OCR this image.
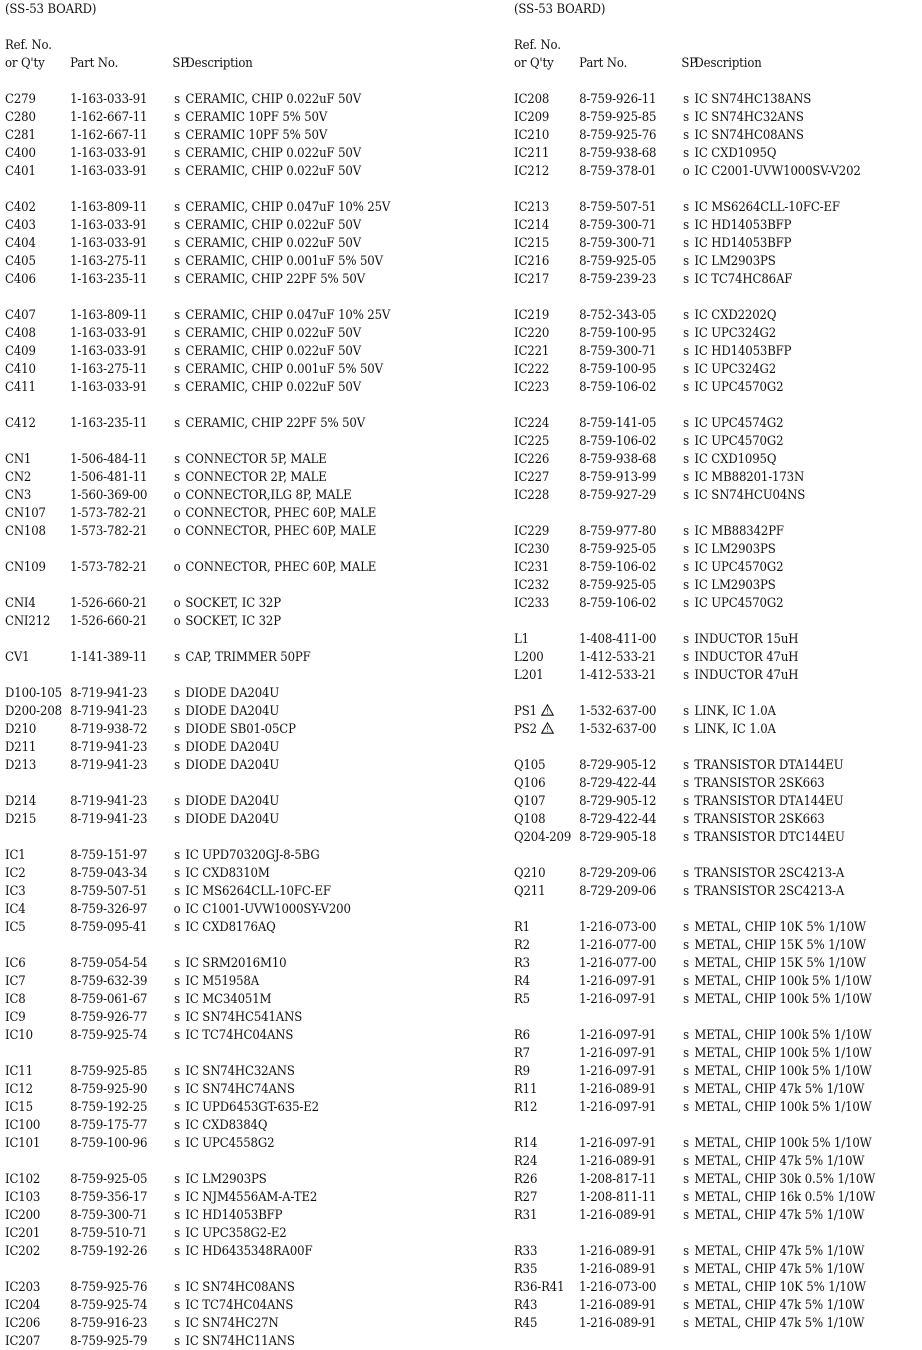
(SS-53 BOARD)
Ref. No.
or Q'ty Part No.	SPDescription
C279	1-163-033-91 s CERAMIC, CHIP 0.022uF 50V
C280	1-162-667-11 s CERAMIC 10PF 5% 50V
C281	1-162-667-11 s CERAMIC 10PF 5% 50V
C400	1-163-033-91 s CERAMIC, CHIP 0.022uF 50V
C401	1-163-033-91 s CERAMIC, CHIP 0.022uF 50V
C402	1-163-809-11 s CERAMIC, CHIP 0.047uF 10% 25V
C403	1-163-033-91 s CERAMIC, CHIP 0.022uF 50V
C404	1-163-033-91 s CERAMIC, CHIP 0.022uF 50V
C405	1-163-275-11 s CERAMIC, CHIP 0.001uF 5% 50V
C406	1-163-235-11 s CERAMIC, CHIP 22PF 5% 50V
C407	1-163-809-11 s CERAMIC, CHIP 0.047uF 10% 25V
C408	1-163-033-91 s CERAMIC, CHIP 0.022uF 50V
C409	1-163-033-91 s CERAMIC, CHIP 0.022uF 50V
C410	1-163-275-11 s CERAMIC, CHIP 0.001uF 5% 50V
C411	1-163-033-91 s CERAMIC, CHIP 0.022uF 50V
C412	1-163-235-11 s CERAMIC, CHIP 22PF 5% 50V
CN1	1-506-484-11 s CONNECTOR 5P, MALE
CN2	1-506-481-11 s CONNECTOR 2P, MALE
CN3	1-560-369-00 o CONNECTOR,ILG 8P, MALE
CN107 1-573-782-21 o CONNECTOR, PHEC 60P, MALE
CN108 1-573-782-21 o CONNECTOR, PHEC 60P, MALE
CN109 1-573-782-21 o CONNECTOR, PHEC 60P, MALE
CNI4	1-526-660-21 o SOCKET, IC 32P
CNI212 1-526-660-21 o SOCKET, IC 32P
CV1	1-141-389-11 s CAP, TRIMMER 50PF
D100-105 8-719-941-23 s DIODE DA204U
D200-208 8-719-941-23 s DIODE DA204U
D210	8-719-938-72 s DIODE SB01-05CP
D211	8-719-941-23 s DIODE DA204U
D213	8-719-941-23 s DIODE DA204U
D214	8-719-941-23 s DIODE DA204U
D215	8-719-941-23 s DIODE DA204U
IC1	8-759-151-97 s IC UPD70320GJ-8-5BG
IC2	8-759-043-34 s IC CXD8310M
IC3	8-759-507-51 s IC MS6264CLL-10FC-EF
IC4	8-759-326-97 o IC C1001-UVW1000SY-V200
IC5	8-759-095-41 s IC CXD8176AQ
IC6	8-759-054-54 s IC SRM2016M10
IC7	8-759-632-39 s IC M51958A
IC8	8-759-061-67 s IC MC34051M
IC9	8-759-926-77 s IC SN74HC541ANS
IC10	8-759-925-74 s IC TC74HC04ANS
IC11	8-759-925-85 s IC SN74HC32ANS
IC12	8-759-925-90 s IC SN74HC74ANS
IC15	8-759-192-25 s IC UPD6453GT-635-E2
IC100 8-759-175-77 s IC CXD8384Q
IC101 8-759-100-96 s IC UPC4558G2
IC102 8-759-925-05 s IC LM2903PS
IC103 8-759-356-17 s IC NJM4556AM-A-TE2
IC200 8-759-300-71 s IC HD14053BFP
IC201 8-759-510-71 s IC UPC358G2-E2
IC202 8-759-192-26 s IC HD6435348RA00F
IC203 8-759-925-76 s IC SN74HC08ANS
IC204 8-759-925-74 s IC TC74HC04ANS
IC206 8-759-916-23 s IC SN74HC27N
IC207 8-759-925-79 s IC SN74HC11ANS
(SS-53 BOARD)
Ref. No.
or Q'ty Part No.	SPDescription
IC208 8-759-926-11 s IC SN74HC138ANS
IC209 8-759-925-85 s IC SN74HC32ANS
IC210 8-759-925-76 s IC SN74HC08ANS
IC211 8-759-938-68 s IC CXD1095Q
IC212 8-759-378-01 o IC C2001-UVW1000SV-V202
IC213 8-759-507-51 s IC MS6264CLL-10FC-EF
IC214 8-759-300-71 s IC HD14053BFP
IC215 8-759-300-71 s IC HD14053BFP
IC216 8-759-925-05 s IC LM2903PS
IC217 8-759-239-23 s IC TC74HC86AF
IC219 8-752-343-05 s IC CXD2202Q
IC220 8-759-100-95 s IC UPC324G2
IC221 8-759-300-71 s IC HD14053BFP
IC222 8-759-100-95 s IC UPC324G2
IC223 8-759-106-02 s IC UPC4570G2
IC224 8-759-141-05 s IC UPC4574G2
IC225 8-759-106-02 s IC UPC4570G2
IC226 8-759-938-68 s IC CXD1095Q
IC227 8-759-913-99 s IC MB88201-173N
IC228 8-759-927-29 s IC SN74HCU04NS
IC229 8-759-977-80 s IC MB88342PF
IC230 8-759-925-05 s IC LM2903PS
IC231 8-759-106-02 s IC UPC4570G2
IC232 8-759-925-05 s IC LM2903PS
IC233 8-759-106-02 s IC UPC4570G2
L1	1-408-411-00 s INDUCTOR 15uH
L200	1-412-533-21 s INDUCTOR 47uH
L201	1-412-533-21 s INDUCTOR 47uH
PS1 ! 1-532-637-00 s LINK, IC 1.0A
PS2 ! 1-532-637-00 s LINK, IC 1.0A
Q105	8-729-905-12 s TRANSISTOR DTA144EU
Q106	8-729-422-44 s TRANSISTOR 2SK663
Q107	8-729-905-12 s TRANSISTOR DTA144EU
Q108	8-729-422-44 s TRANSISTOR 2SK663
Q204-209 8-729-905-18 s TRANSISTOR DTC144EU
Q210	8-729-209-06 s TRANSISTOR 2SC4213-A
Q211	8-729-209-06 s TRANSISTOR 2SC4213-A
R1	1-216-073-00 s METAL, CHIP 10K 5% 1/10W
R2	1-216-077-00 s METAL, CHIP 15K 5% 1/10W
R3	1-216-077-00 s METAL, CHIP 15K 5% 1/10W
R4	1-216-097-91 s METAL, CHIP 100k 5% 1/10W
R5	1-216-097-91 s METAL, CHIP 100k 5% 1/10W
R6	1-216-097-91 s METAL, CHIP 100k 5% 1/10W
R7	1-216-097-91 s METAL, CHIP 100k 5% 1/10W
R9	1-216-097-91 s METAL, CHIP 100k 5% 1/10W
R11	1-216-089-91 s METAL, CHIP 47k 5% 1/10W
R12	1-216-097-91 s METAL, CHIP 100k 5% 1/10W
R14	1-216-097-91 s METAL, CHIP 100k 5% 1/10W
R24	1-216-089-91 s METAL, CHIP 47k 5% 1/10W
R26	1-208-817-11 s METAL, CHIP 30k 0.5% 1/10W
R27	1-208-811-11 s METAL, CHIP 16k 0.5% 1/10W
R31	1-216-089-91 s METAL, CHIP 47k 5% 1/10W
R33	1-216-089-91 s METAL, CHIP 47k 5% 1/10W
R35	1-216-089-91 s METAL, CHIP 47k 5% 1/10W
R36-R41 1-216-073-00 s METAL, CHIP 10K 5% 1/10W
R43	1-216-089-91 s METAL, CHIP 47k 5% 1/10W
R45	1-216-089-91 s METAL, CHIP 47k 5% 1/10W
